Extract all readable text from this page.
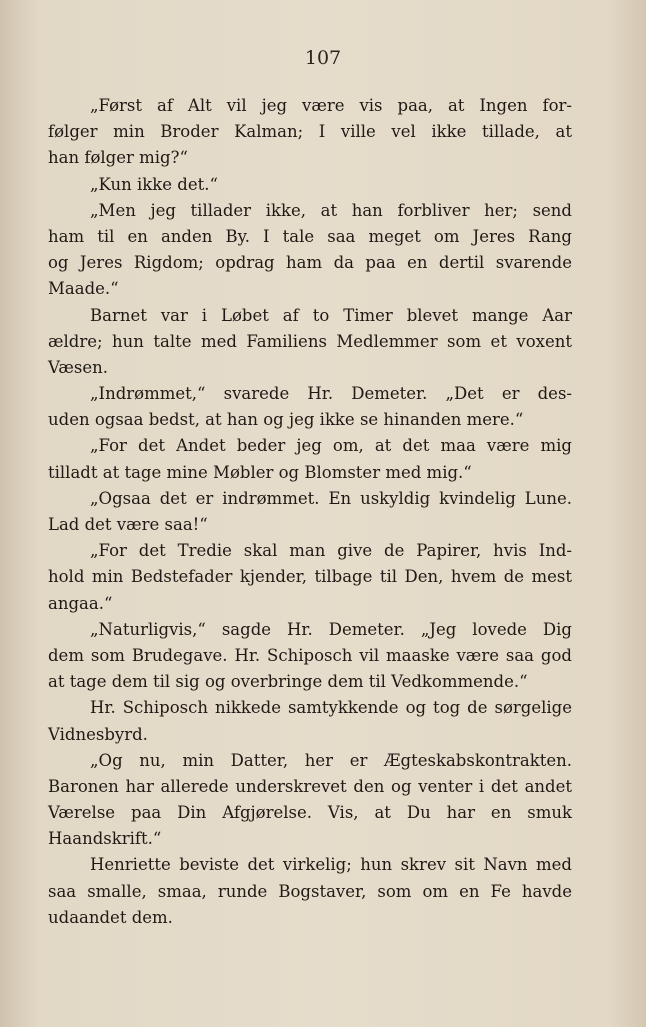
107
„Først af Alt vil jeg være vis paa, at Ingen for-
følger min Broder Kalman; I ville vel ikke tillade, at
han følger mig?“
„Kun ikke det.“
„Men jeg tillader ikke, at han forbliver her; send
ham til en anden By. I tale saa meget om Jeres Rang
og Jeres Rigdom; opdrag ham da paa en dertil svarende
Maade.“
Barnet var i Løbet af to Timer blevet mange Aar
ældre; hun talte med Familiens Medlemmer som et voxent
Væsen.
„Indrømmet,“ svarede Hr. Demeter. „Det er des-
uden ogsaa bedst, at han og jeg ikke se hinanden mere.“
„For det Andet beder jeg om, at det maa være mig
tilladt at tage mine Møbler og Blomster med mig.“
„Ogsaa det er indrømmet. En uskyldig kvindelig Lune.
Lad det være saa!“
„For det Tredie skal man give de Papirer, hvis Ind-
hold min Bedstefader kjender, tilbage til Den, hvem de mest
angaa.“
„Naturligvis,“ sagde Hr. Demeter. „Jeg lovede Dig
dem som Brudegave. Hr. Schiposch vil maaske være saa god
at tage dem til sig og overbringe dem til Vedkommende.“
Hr. Schiposch nikkede samtykkende og tog de sørgelige
Vidnesbyrd.
„Og nu, min Datter, her er Ægteskabskontrakten.
Baronen har allerede underskrevet den og venter i det andet
Værelse paa Din Afgjørelse. Vis, at Du har en smuk
Haandskrift.“
Henriette beviste det virkelig; hun skrev sit Navn med
saa smalle, smaa, runde Bogstaver, som om en Fe havde
udaandet dem.
